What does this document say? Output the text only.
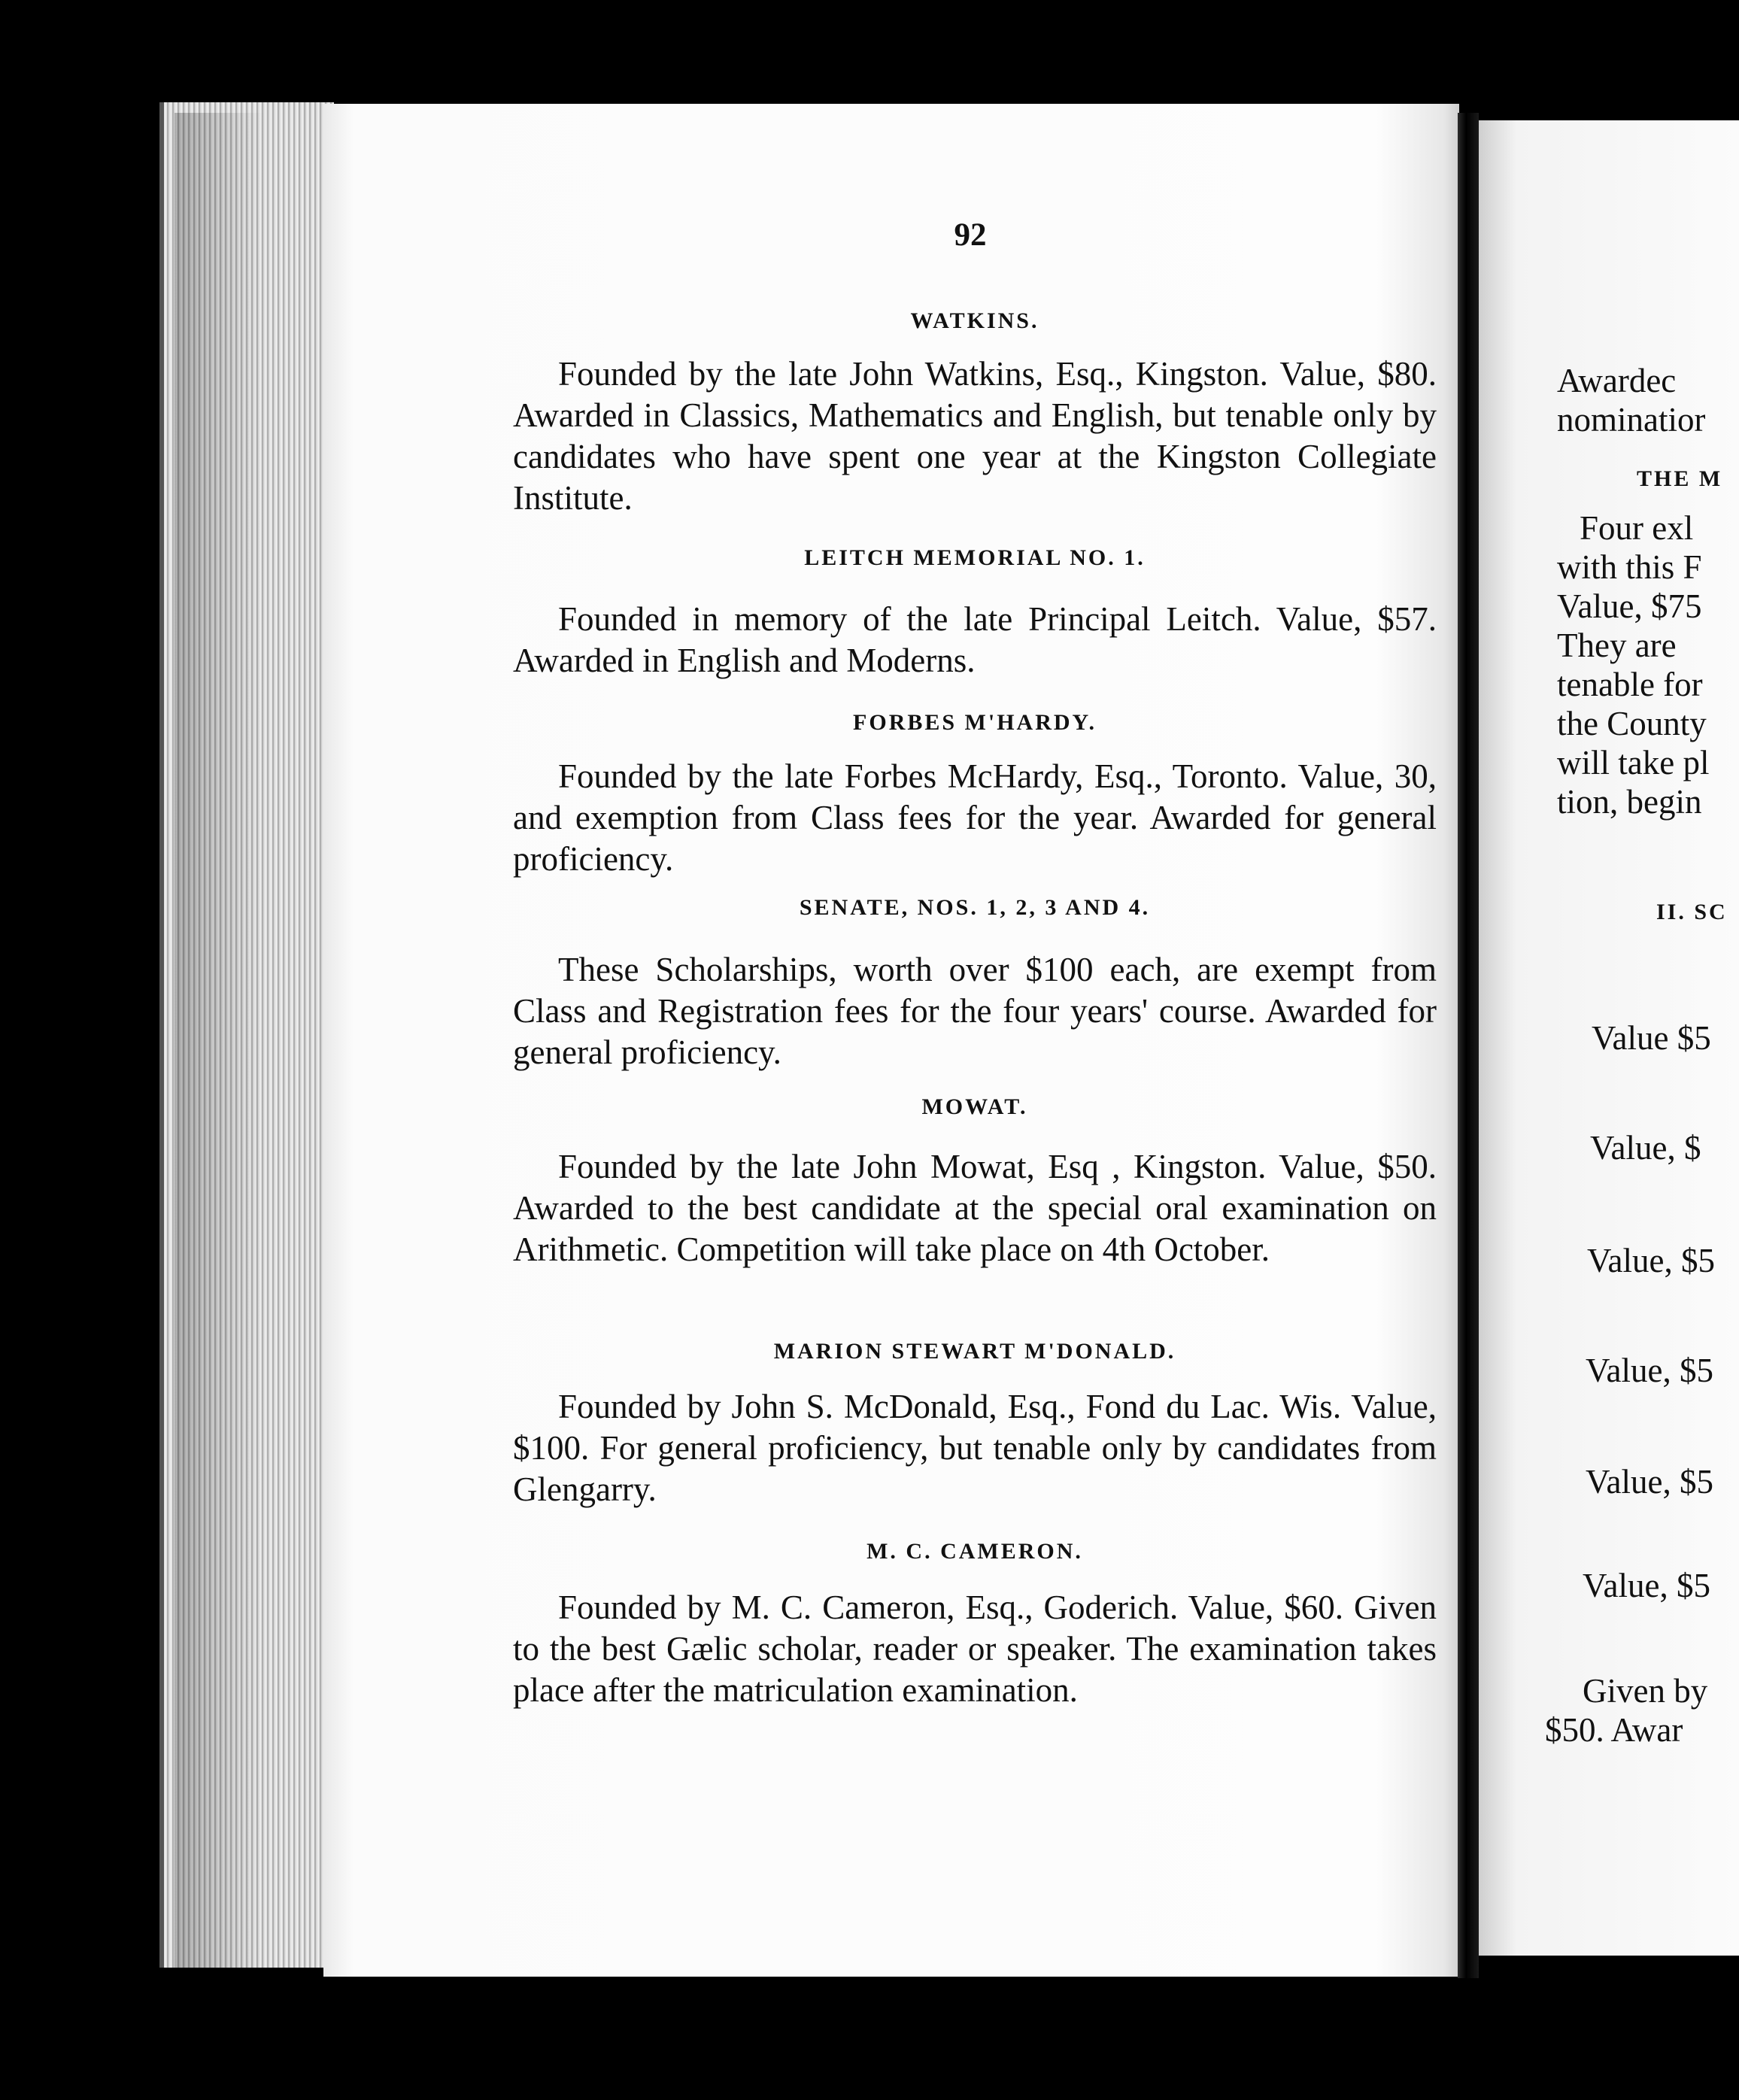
92
WATKINS.
Founded by the late John Watkins, Esq., Kingston. Value, $80. Awarded in Classics, Mathematics and English, but tenable only by candidates who have spent one year at the Kingston Collegiate Institute.
LEITCH MEMORIAL NO. 1.
Founded in memory of the late Principal Leitch. Value, $57. Awarded in English and Moderns.
FORBES M'HARDY.
Founded by the late Forbes McHardy, Esq., Toronto. Value, 30, and exemption from Class fees for the year. Awarded for general proficiency.
SENATE, NOS. 1, 2, 3 AND 4.
These Scholarships, worth over $100 each, are exempt from Class and Registration fees for the four years' course. Awarded for general proficiency.
MOWAT.
Founded by the late John Mowat, Esq , Kingston. Value, $50. Awarded to the best candidate at the special oral examination on Arithmetic. Competition will take place on 4th October.
MARION STEWART M'DONALD.
Founded by John S. McDonald, Esq., Fond du Lac. Wis. Value, $100. For general proficiency, but tenable only by candidates from Glengarry.
M. C. CAMERON.
Founded by M. C. Cameron, Esq., Goderich. Value, $60. Given to the best Gælic scholar, reader or speaker. The examination takes place after the matriculation examination.
Awardec
nominatior
THE M
Four exl
with this F
Value, $75
They are
tenable for
the County
will take pl
tion, begin
II. SC
Value $5
Value, $
Value, $5
Value, $5
Value, $5
Value, $5
Given by
$50. Awar
